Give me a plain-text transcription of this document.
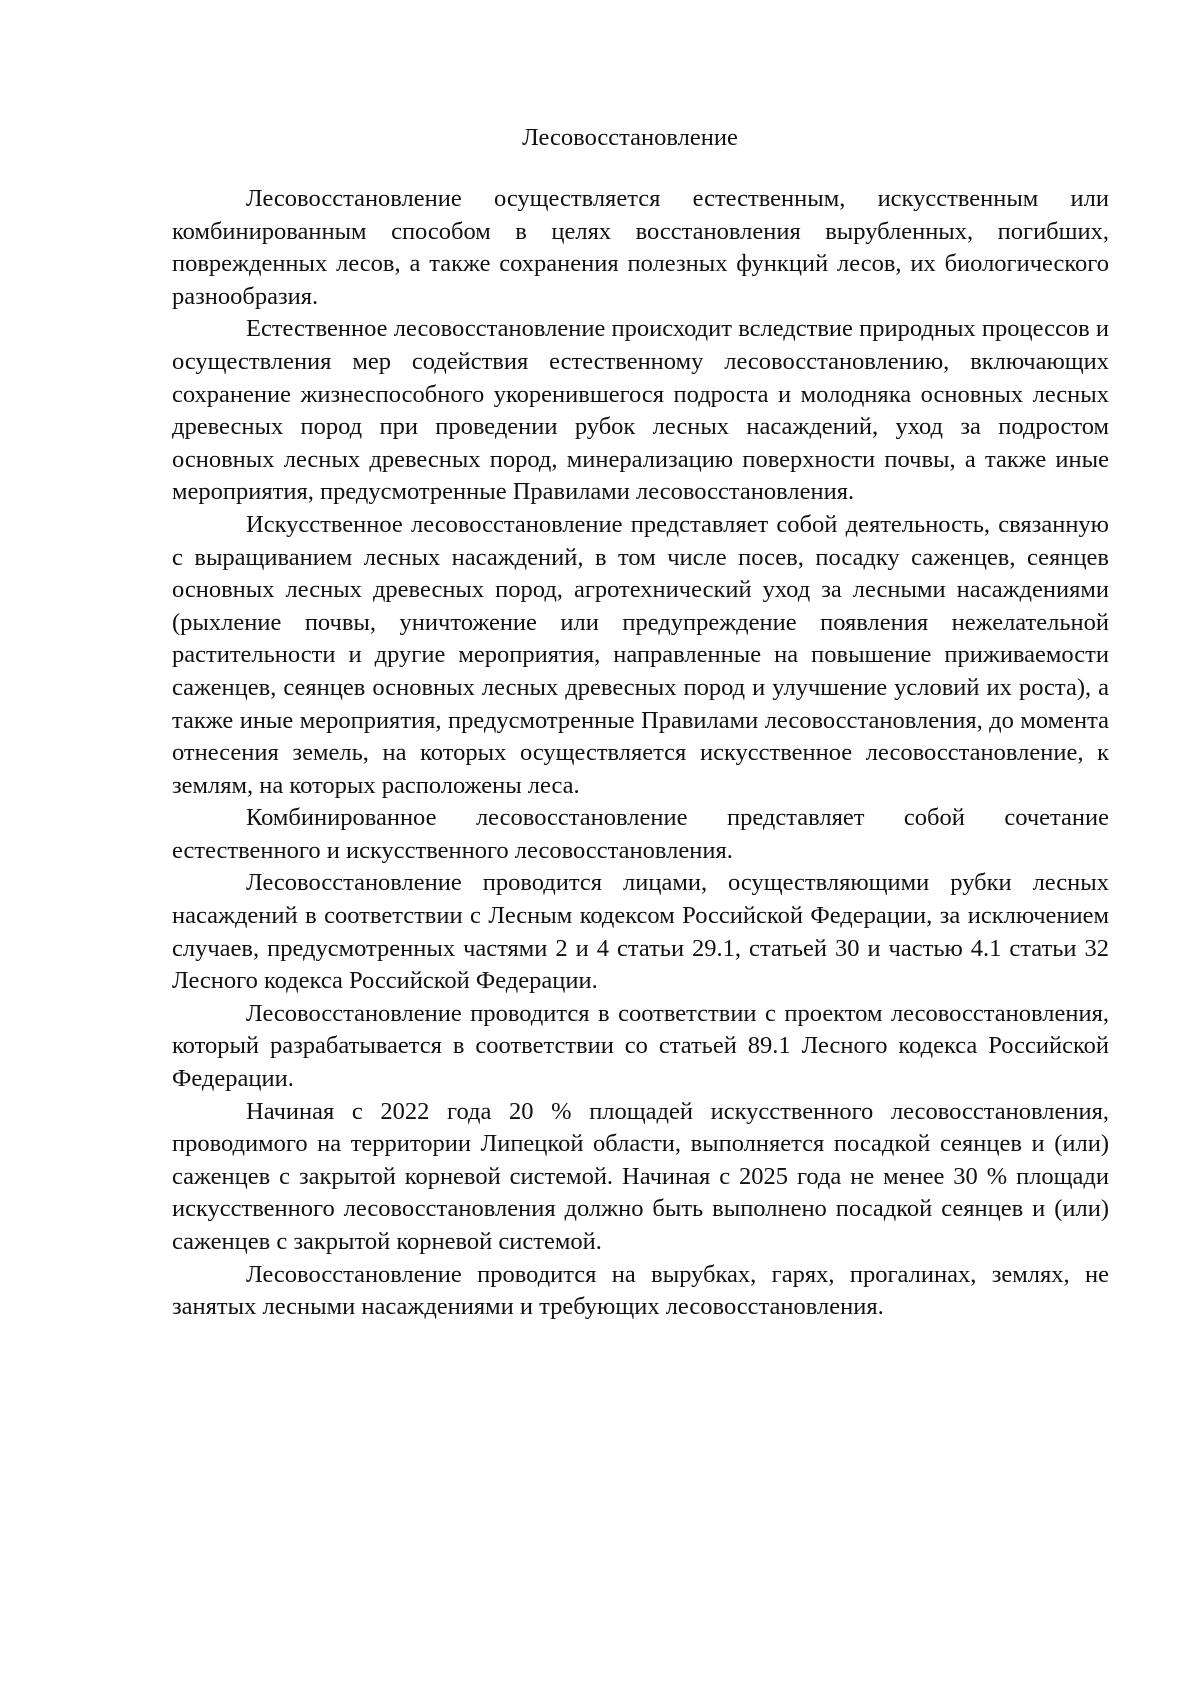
Лесовосстановление

Лесовосстановление осуществляется естественным, искусственным или комбинированным способом в целях восстановления вырубленных, погибших, поврежденных лесов, а также сохранения полезных функций лесов, их биологического разнообразия.

Естественное лесовосстановление происходит вследствие природных процессов и осуществления мер содействия естественному лесовосстановлению, включающих сохранение жизнеспособного укоренившегося подроста и молодняка основных лесных древесных пород при проведении рубок лесных насаждений, уход за подростом основных лесных древесных пород, минерализацию поверхности почвы, а также иные мероприятия, предусмотренные Правилами лесовосстановления.

Искусственное лесовосстановление представляет собой деятельность, связанную с выращиванием лесных насаждений, в том числе посев, посадку саженцев, сеянцев основных лесных древесных пород, агротехнический уход за лесными насаждениями (рыхление почвы, уничтожение или предупреждение появления нежелательной растительности и другие мероприятия, направленные на повышение приживаемости саженцев, сеянцев основных лесных древесных пород и улучшение условий их роста), а также иные мероприятия, предусмотренные Правилами лесовосстановления, до момента отнесения земель, на которых осуществляется искусственное лесовосстановление, к землям, на которых расположены леса.

Комбинированное лесовосстановление представляет собой сочетание естественного и искусственного лесовосстановления.

Лесовосстановление проводится лицами, осуществляющими рубки лесных насаждений в соответствии с Лесным кодексом Российской Федерации, за исключением случаев, предусмотренных частями 2 и 4 статьи 29.1, статьей 30 и частью 4.1 статьи 32 Лесного кодекса Российской Федерации.

Лесовосстановление проводится в соответствии с проектом лесовосстановления, который разрабатывается в соответствии со статьей 89.1 Лесного кодекса Российской Федерации.

Начиная с 2022 года 20 % площадей искусственного лесовосстановления, проводимого на территории Липецкой области, выполняется посадкой сеянцев и (или) саженцев с закрытой корневой системой. Начиная с 2025 года не менее 30 % площади искусственного лесовосстановления должно быть выполнено посадкой сеянцев и (или) саженцев с закрытой корневой системой.

Лесовосстановление проводится на вырубках, гарях, прогалинах, землях, не занятых лесными насаждениями и требующих лесовосстановления.
